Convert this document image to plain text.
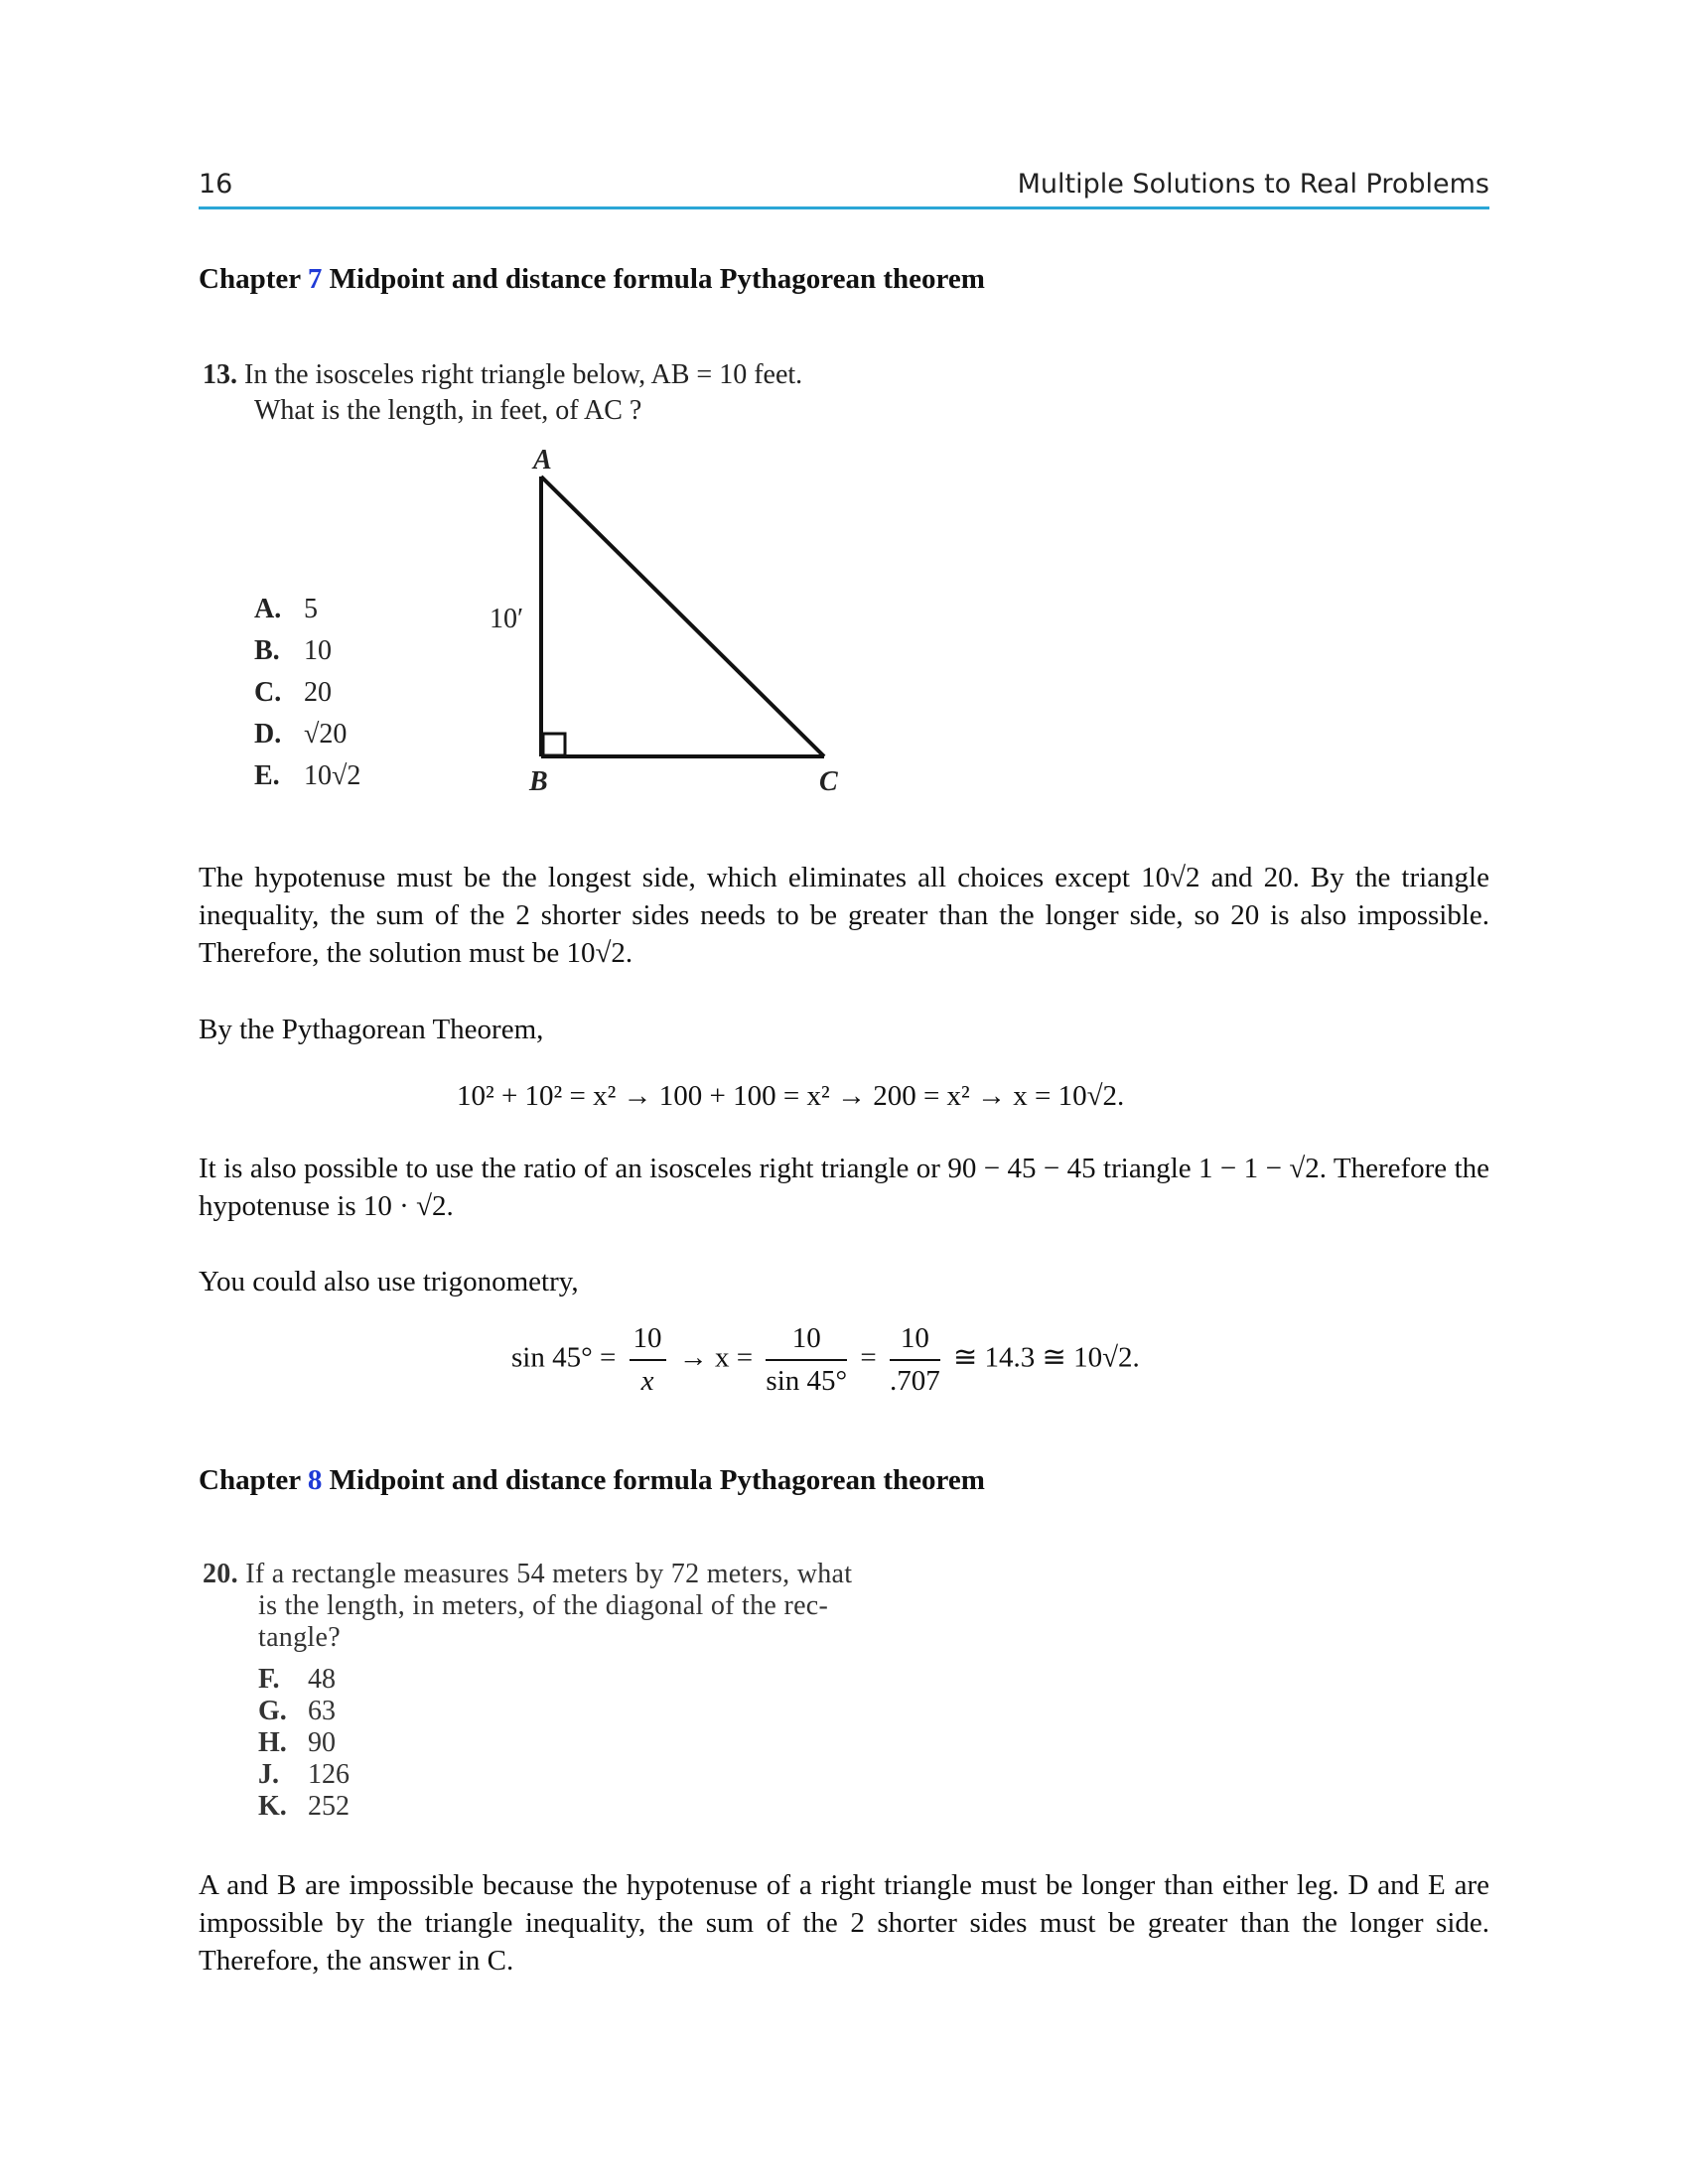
16	Multiple Solutions to Real Problems
Chapter 7 Midpoint and distance formula Pythagorean theorem
13. In the isosceles right triangle below, AB = 10 feet.
What is the length, in feet, of AC ?
A
B	C
10′
A. 5
B. 10
C. 20
D. √20
E. 10√2
The hypotenuse must be the longest side, which eliminates all choices except 10√2 and 20. By the triangle inequality, the sum of the 2 shorter sides needs to be greater than the longer side, so 20 is also impossible. Therefore, the solution must be 10√2.
By the Pythagorean Theorem,
10² + 10² = x² → 100 + 100 = x² → 200 = x² → x = 10√2.
It is also possible to use the ratio of an isosceles right triangle or 90 − 45 − 45 triangle 1 − 1 − √2. Therefore the hypotenuse is 10 · √2.
You could also use trigonometry,
$\sin 45^\circ = \frac{10}{x} \to x = \frac{10}{\sin 45^\circ} = \frac{10}{.707}$ ≅ 14.3 ≅ 10√2.
Chapter 8 Midpoint and distance formula Pythagorean theorem
20. If a rectangle measures 54 meters by 72 meters, what
is the length, in meters, of the diagonal of the rec-
tangle?
F. 48
G. 63
H. 90
J. 126
K. 252
A and B are impossible because the hypotenuse of a right triangle must be longer than either leg. D and E are impossible by the triangle inequality, the sum of the 2 shorter sides must be greater than the longer side. Therefore, the answer in C.
